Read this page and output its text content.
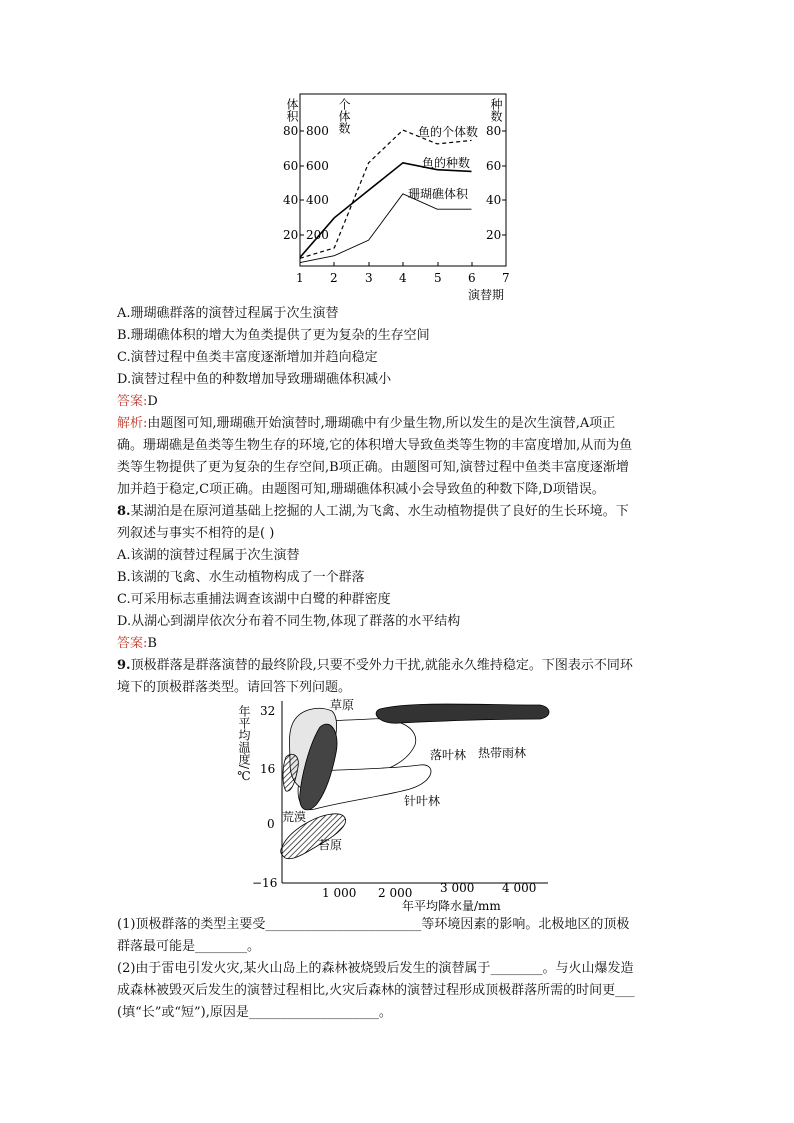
体积	个体数	种数
20
40
60
80
200
400
600
800
20
40
60
80
1 2 3 4 5 6 7
演替期
鱼的个体数
鱼的种数
珊瑚礁体积
A.珊瑚礁群落的演替过程属于次生演替
B.珊瑚礁体积的增大为鱼类提供了更为复杂的生存空间
C.演替过程中鱼类丰富度逐渐增加并趋向稳定
D.演替过程中鱼的种数增加导致珊瑚礁体积减小
答案:D
解析:由题图可知,珊瑚礁开始演替时,珊瑚礁中有少量生物,所以发生的是次生演替,A项正
确。珊瑚礁是鱼类等生物生存的环境,它的体积增大导致鱼类等生物的丰富度增加,从而为鱼
类等生物提供了更为复杂的生存空间,B项正确。由题图可知,演替过程中鱼类丰富度逐渐增
加并趋于稳定,C项正确。由题图可知,珊瑚礁体积减小会导致鱼的种数下降,D项错误。
8.某湖泊是在原河道基础上挖掘的人工湖,为飞禽、水生动植物提供了良好的生长环境。下
列叙述与事实不相符的是( )
A.该湖的演替过程属于次生演替
B.该湖的飞禽、水生动植物构成了一个群落
C.可采用标志重捕法调查该湖中白鹭的种群密度
D.从湖心到湖岸依次分布着不同生物,体现了群落的水平结构
答案:B
9.顶极群落是群落演替的最终阶段,只要不受外力干扰,就能永久维持稳定。下图表示不同环
境下的顶极群落类型。请回答下列问题。
年平均温度/℃ 32
16
0
−16
1 000 2 000 3 000 4 000
年平均降水量/mm
草原
热带雨林
落叶林
针叶林
荒漠
苔原
(1)顶极群落的类型主要受________________________等环境因素的影响。北极地区的顶极
群落最可能是________。
(2)由于雷电引发火灾,某火山岛上的森林被烧毁后发生的演替属于________。与火山爆发造
成森林被毁灭后发生的演替过程相比,火灾后森林的演替过程形成顶极群落所需的时间更___
(填“长”或“短”),原因是____________________。
